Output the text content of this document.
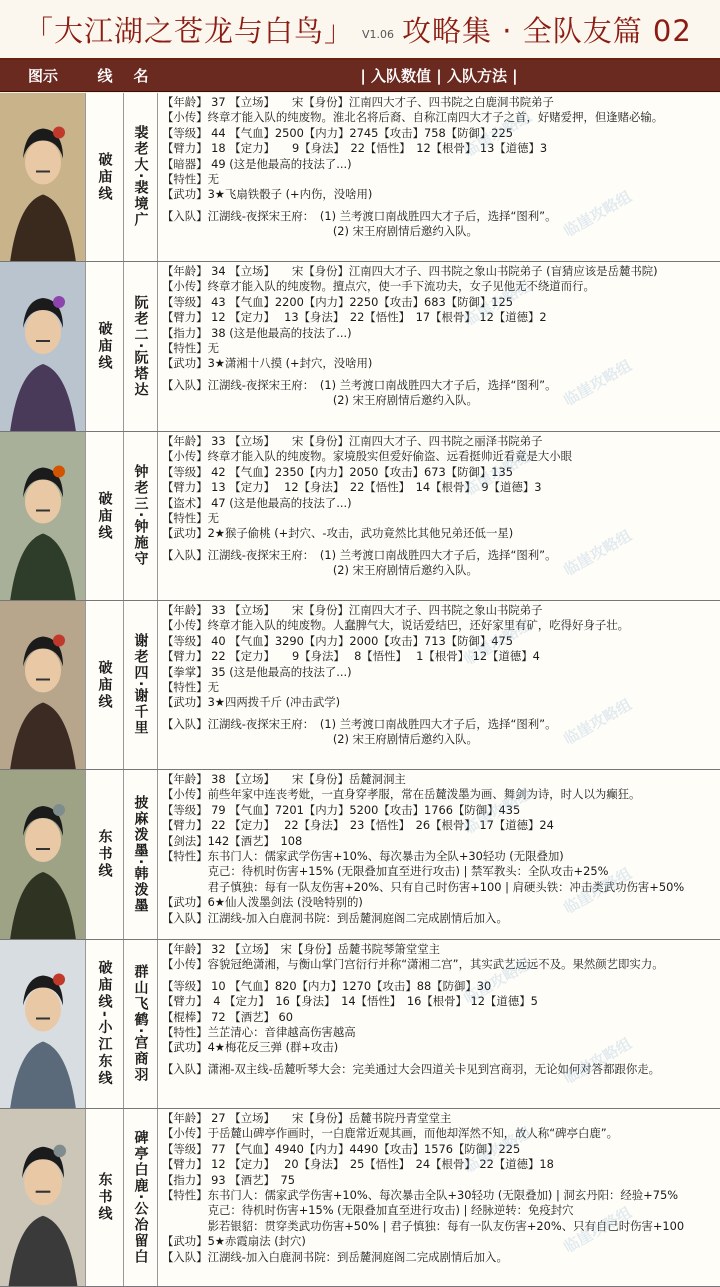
「大江湖之苍龙与白鸟」 V1.06 攻略集 · 全队友篇 02
图示	线	名	| 入队数值 | 入队方法 |
破庙线	裴老大·裴境广
【年龄】 37 【立场】　　宋【身份】江南四大才子、四书院之白鹿洞书院弟子
【小传】终章才能入队的纯废物。淮北名将后裔、自称江南四大才子之首，好赌爱押，但逢赌必输。
【等级】 44 【气血】2500【内力】2745【攻击】758【防御】225
【臂力】 18 【定力】　　9【身法】　22【悟性】　12【根骨】 13【道德】3
【暗器】 49 (这是他最高的技法了...)
【特性】无
【武功】3★飞扇铁骰子 (+内伤，没啥用)
【入队】江湖线-夜探宋王府：　(1) 兰考渡口南战胜四大才子后，选择“图利”。
　　　　　　　　　　　　　　　(2) 宋王府剧情后邀约入队。
临崖攻略组
临崖攻略组
破庙线	阮老二·阮塔达
【年龄】 34 【立场】　　宋【身份】江南四大才子、四书院之象山书院弟子 (盲猜应该是岳麓书院)
【小传】终章才能入队的纯废物。擅点穴，使一手下流功夫，女子见他无不绕道而行。
【等级】 43 【气血】2200【内力】2250【攻击】683【防御】125
【臂力】 12 【定力】　 13【身法】　22【悟性】　17【根骨】 12【道德】2
【指力】 38 (这是他最高的技法了...)
【特性】无
【武功】3★潇湘十八摸 (+封穴，没啥用)
【入队】江湖线-夜探宋王府：　(1) 兰考渡口南战胜四大才子后，选择“图利”。
　　　　　　　　　　　　　　　(2) 宋王府剧情后邀约入队。
临崖攻略组
临崖攻略组
破庙线	钟老三·钟施守
【年龄】 33 【立场】　　宋【身份】江南四大才子、四书院之丽泽书院弟子
【小传】终章才能入队的纯废物。家境殷实但爱好偷盗、远看挺帅近看竟是大小眼
【等级】 42 【气血】2350【内力】2050【攻击】673【防御】135
【臂力】 13 【定力】　 12【身法】　22【悟性】　14【根骨】　9【道德】3
【盗术】 47 (这是他最高的技法了...)
【特性】无
【武功】2★猴子偷桃 (+封穴、-攻击，武功竟然比其他兄弟还低一星)
【入队】江湖线-夜探宋王府：　(1) 兰考渡口南战胜四大才子后，选择“图利”。
　　　　　　　　　　　　　　　(2) 宋王府剧情后邀约入队。
临崖攻略组
临崖攻略组
破庙线	谢老四·谢千里
【年龄】 33 【立场】　　宋【身份】江南四大才子、四书院之象山书院弟子
【小传】终章才能入队的纯废物。人蠢脾气大，说话爱结巴，还好家里有矿，吃得好身子壮。
【等级】 40 【气血】3290【内力】2000【攻击】713【防御】475
【臂力】 22 【定力】　　9【身法】　 8【悟性】　 1【根骨】 12【道德】4
【拳掌】 35 (这是他最高的技法了...)
【特性】无
【武功】3★四两拨千斤 (冲击武学)
【入队】江湖线-夜探宋王府：　(1) 兰考渡口南战胜四大才子后，选择“图利”。
　　　　　　　　　　　　　　　(2) 宋王府剧情后邀约入队。
临崖攻略组
临崖攻略组
东书线	披麻泼墨·韩泼墨
【年龄】 38 【立场】　　宋【身份】岳麓洞洞主
【小传】前些年家中连丧考妣，一直身穿孝服，常在岳麓泼墨为画、舞剑为诗，时人以为癫狂。
【等级】 79 【气血】7201【内力】5200【攻击】1766【防御】435
【臂力】 22 【定力】　 22【身法】　23【悟性】　26【根骨】 17【道德】24
【剑法】142【酒艺】　108
【特性】东书门人：儒家武学伤害+10%、每次暴击为全队+30轻功 (无限叠加)
　　　　克己：待机时伤害+15% (无限叠加直至进行攻击) | 禁军教头：全队攻击+25%
　　　　君子慎独：每有一队友伤害+20%、只有自己时伤害+100 | 肩硬头铁：冲击类武功伤害+50%
【武功】6★仙人泼墨剑法 (没啥特别的)
【入队】江湖线-加入白鹿洞书院：到岳麓洞庭阁二完成剧情后加入。
临崖攻略组
临崖攻略组
破庙线-小江东线	群山飞鹤·宫商羽
【年龄】 32 【立场】　宋【身份】岳麓书院琴箫堂堂主
【小传】容貌冠绝潇湘，与衡山掌门宫衍行并称“潇湘二宫”，其实武艺远远不及。果然颜艺即实力。
【等级】 10 【气血】820【内力】1270【攻击】88【防御】30
【臂力】　4 【定力】　16【身法】　14【悟性】　16【根骨】 12【道德】5
【棍棒】 72 【酒艺】 60
【特性】兰芷清心：音律越高伤害越高
【武功】4★梅花反三弹 (群+攻击)
【入队】潇湘-双主线-岳麓听琴大会：完美通过大会四道关卡见到宫商羽，无论如何对答都跟你走。
临崖攻略组
临崖攻略组
东书线	碑亭白鹿·公冶留白
【年龄】 27 【立场】　　宋【身份】岳麓书院丹青堂堂主
【小传】于岳麓山碑亭作画时，一白鹿常近观其画，而他却浑然不知，故人称“碑亭白鹿”。
【等级】 77 【气血】4940【内力】4490【攻击】1576【防御】225
【臂力】 12 【定力】　 20【身法】　25【悟性】　24【根骨】 22【道德】18
【指力】 93 【酒艺】　75
【特性】东书门人：儒家武学伤害+10%、每次暴击全队+30轻功 (无限叠加) | 洞玄丹阳：经验+75%
　　　　克己：待机时伤害+15% (无限叠加直至进行攻击) | 经脉逆转：免疫封穴
　　　　影若银貂：贯穿类武功伤害+50% | 君子慎独：每有一队友伤害+20%、只有自己时伤害+100
【武功】5★赤霞扇法 (封穴)
【入队】江湖线-加入白鹿洞书院：到岳麓洞庭阁二完成剧情后加入。
临崖攻略组
临崖攻略组
